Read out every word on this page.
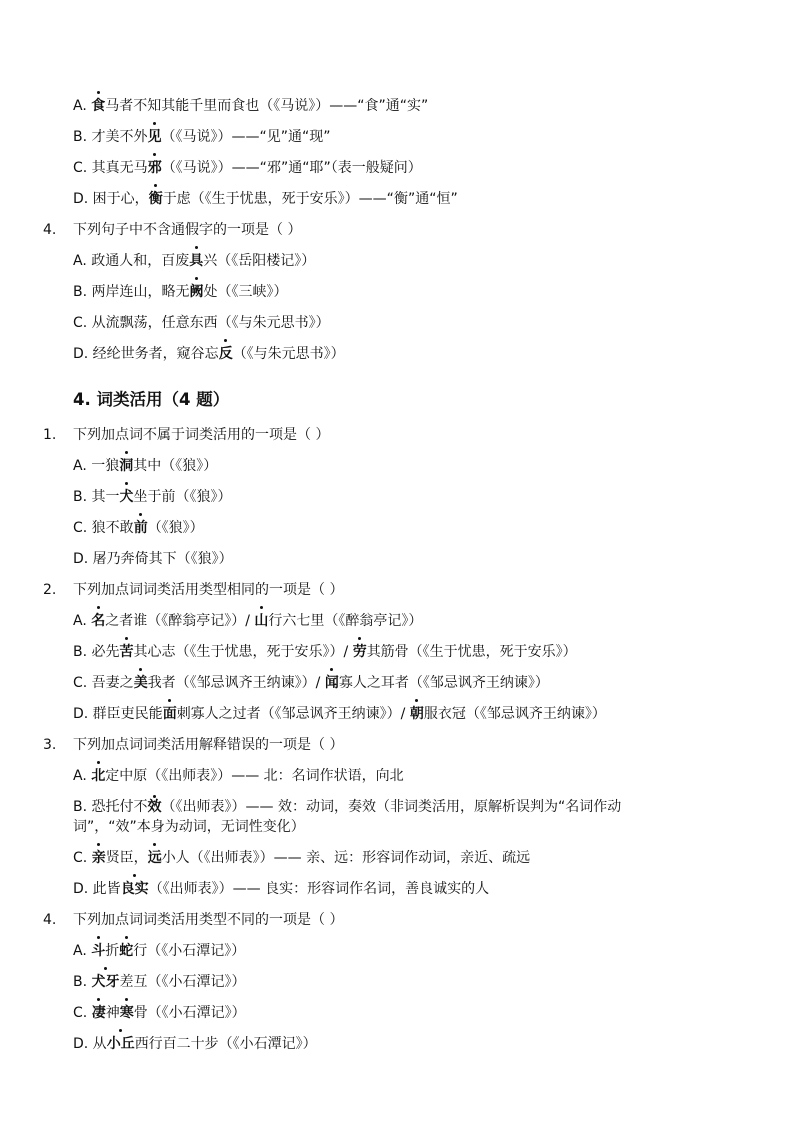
A. 食马者不知其能千里而食也（《马说》）——“食”通“实”
B. 才美不外见（《马说》）——“见”通“现”
C. 其真无马邪（《马说》）——“邪”通“耶”（表一般疑问）
D. 困于心，衡于虑（《生于忧患，死于安乐》）——“衡”通“恒”
4. 下列句子中不含通假字的一项是（ ）
A. 政通人和，百废具兴（《岳阳楼记》）
B. 两岸连山，略无阙处（《三峡》）
C. 从流飘荡，任意东西（《与朱元思书》）
D. 经纶世务者，窥谷忘反（《与朱元思书》）
4. 词类活用（4 题）
1. 下列加点词不属于词类活用的一项是（ ）
A. 一狼洞其中（《狼》）
B. 其一犬坐于前（《狼》）
C. 狼不敢前（《狼》）
D. 屠乃奔倚其下（《狼》）
2. 下列加点词词类活用类型相同的一项是（ ）
A. 名之者谁（《醉翁亭记》）/ 山行六七里（《醉翁亭记》）
B. 必先苦其心志（《生于忧患，死于安乐》）/ 劳其筋骨（《生于忧患，死于安乐》）
C. 吾妻之美我者（《邹忌讽齐王纳谏》）/ 闻寡人之耳者（《邹忌讽齐王纳谏》）
D. 群臣吏民能面刺寡人之过者（《邹忌讽齐王纳谏》）/ 朝服衣冠（《邹忌讽齐王纳谏》）
3. 下列加点词词类活用解释错误的一项是（ ）
A. 北定中原（《出师表》）—— 北：名词作状语，向北
B. 恐托付不效（《出师表》）—— 效：动词，奏效（非词类活用，原解析误判为“名词作动词”，“效”本身为动词，无词性变化）
C. 亲贤臣，远小人（《出师表》）—— 亲、远：形容词作动词，亲近、疏远
D. 此皆良实（《出师表》）—— 良实：形容词作名词，善良诚实的人
4. 下列加点词词类活用类型不同的一项是（ ）
A. 斗折蛇行（《小石潭记》）
B. 犬牙差互（《小石潭记》）
C. 凄神寒骨（《小石潭记》）
D. 从小丘西行百二十步（《小石潭记》）
